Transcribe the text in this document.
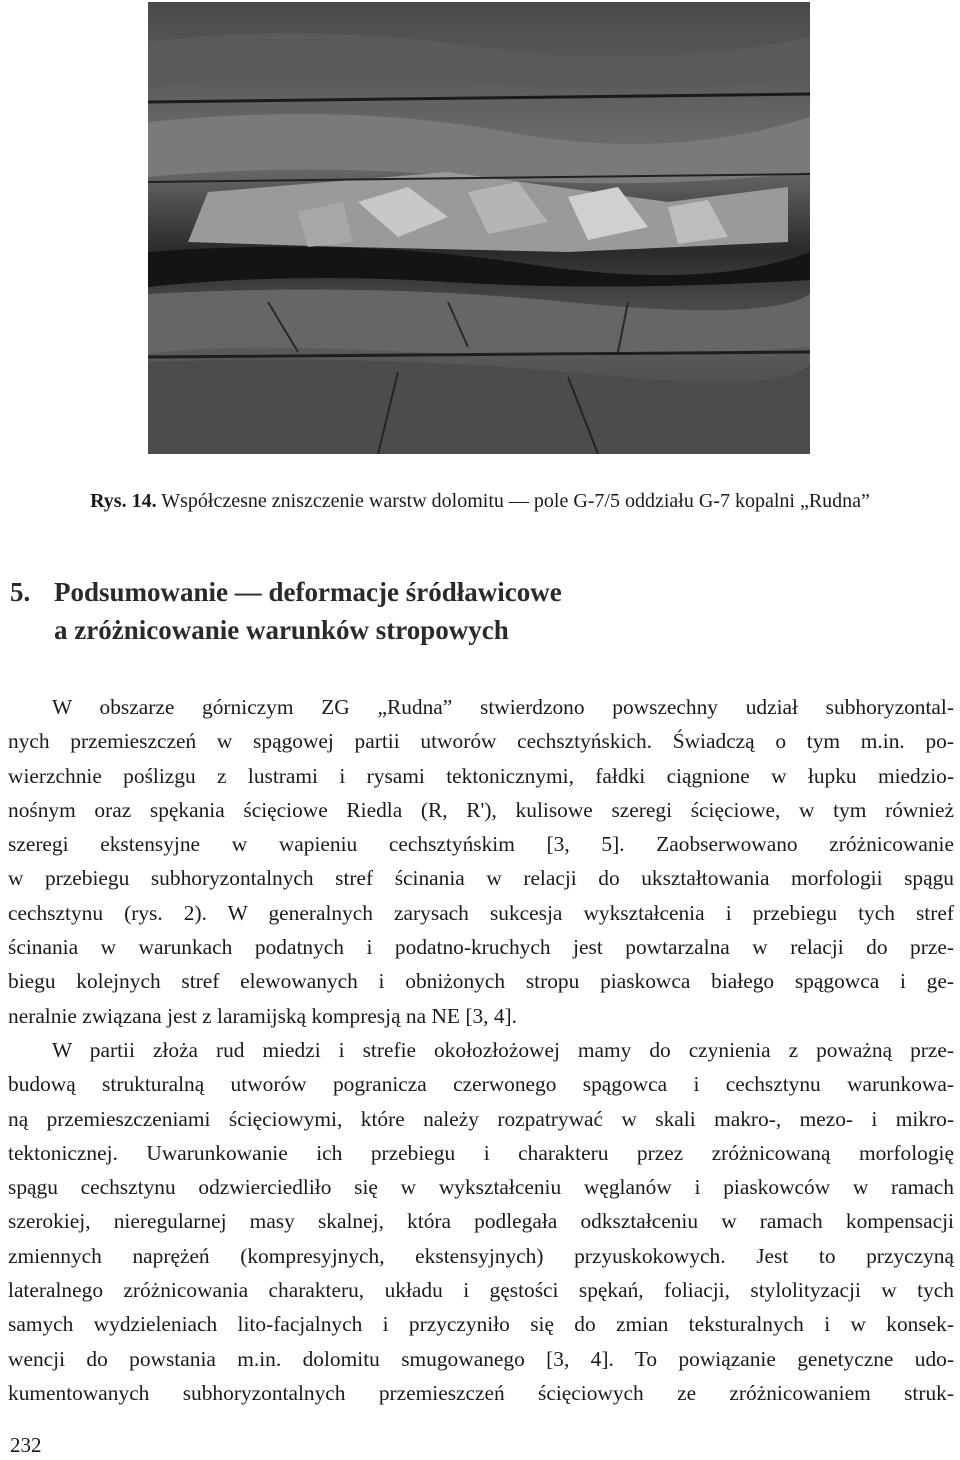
Rys. 14. Współczesne zniszczenie warstw dolomitu — pole G-7/5 oddziału G-7 kopalni „Rudna”
5. Podsumowanie — deformacje śródławicowe
a zróżnicowanie warunków stropowych
W obszarze górniczym ZG „Rudna” stwierdzono powszechny udział subhoryzontal-
nych przemieszczeń w spągowej partii utworów cechsztyńskich. Świadczą o tym m.in. po-
wierzchnie poślizgu z lustrami i rysami tektonicznymi, fałdki ciągnione w łupku miedzio-
nośnym oraz spękania ścięciowe Riedla (R, R'), kulisowe szeregi ścięciowe, w tym również
szeregi ekstensyjne w wapieniu cechsztyńskim [3, 5]. Zaobserwowano zróżnicowanie
w przebiegu subhoryzontalnych stref ścinania w relacji do ukształtowania morfologii spągu
cechsztynu (rys. 2). W generalnych zarysach sukcesja wykształcenia i przebiegu tych stref
ścinania w warunkach podatnych i podatno-kruchych jest powtarzalna w relacji do prze-
biegu kolejnych stref elewowanych i obniżonych stropu piaskowca białego spągowca i ge-
neralnie związana jest z laramijską kompresją na NE [3, 4].
W partii złoża rud miedzi i strefie okołozłożowej mamy do czynienia z poważną prze-
budową strukturalną utworów pogranicza czerwonego spągowca i cechsztynu warunkowa-
ną przemieszczeniami ścięciowymi, które należy rozpatrywać w skali makro-, mezo- i mikro-
tektonicznej. Uwarunkowanie ich przebiegu i charakteru przez zróżnicowaną morfologię
spągu cechsztynu odzwierciedliło się w wykształceniu węglanów i piaskowców w ramach
szerokiej, nieregularnej masy skalnej, która podlegała odkształceniu w ramach kompensacji
zmiennych naprężeń (kompresyjnych, ekstensyjnych) przyuskokowych. Jest to przyczyną
lateralnego zróżnicowania charakteru, układu i gęstości spękań, foliacji, stylolityzacji w tych
samych wydzieleniach lito-facjalnych i przyczyniło się do zmian teksturalnych i w konsek-
wencji do powstania m.in. dolomitu smugowanego [3, 4]. To powiązanie genetyczne udo-
kumentowanych subhoryzontalnych przemieszczeń ścięciowych ze zróżnicowaniem struk-
232
